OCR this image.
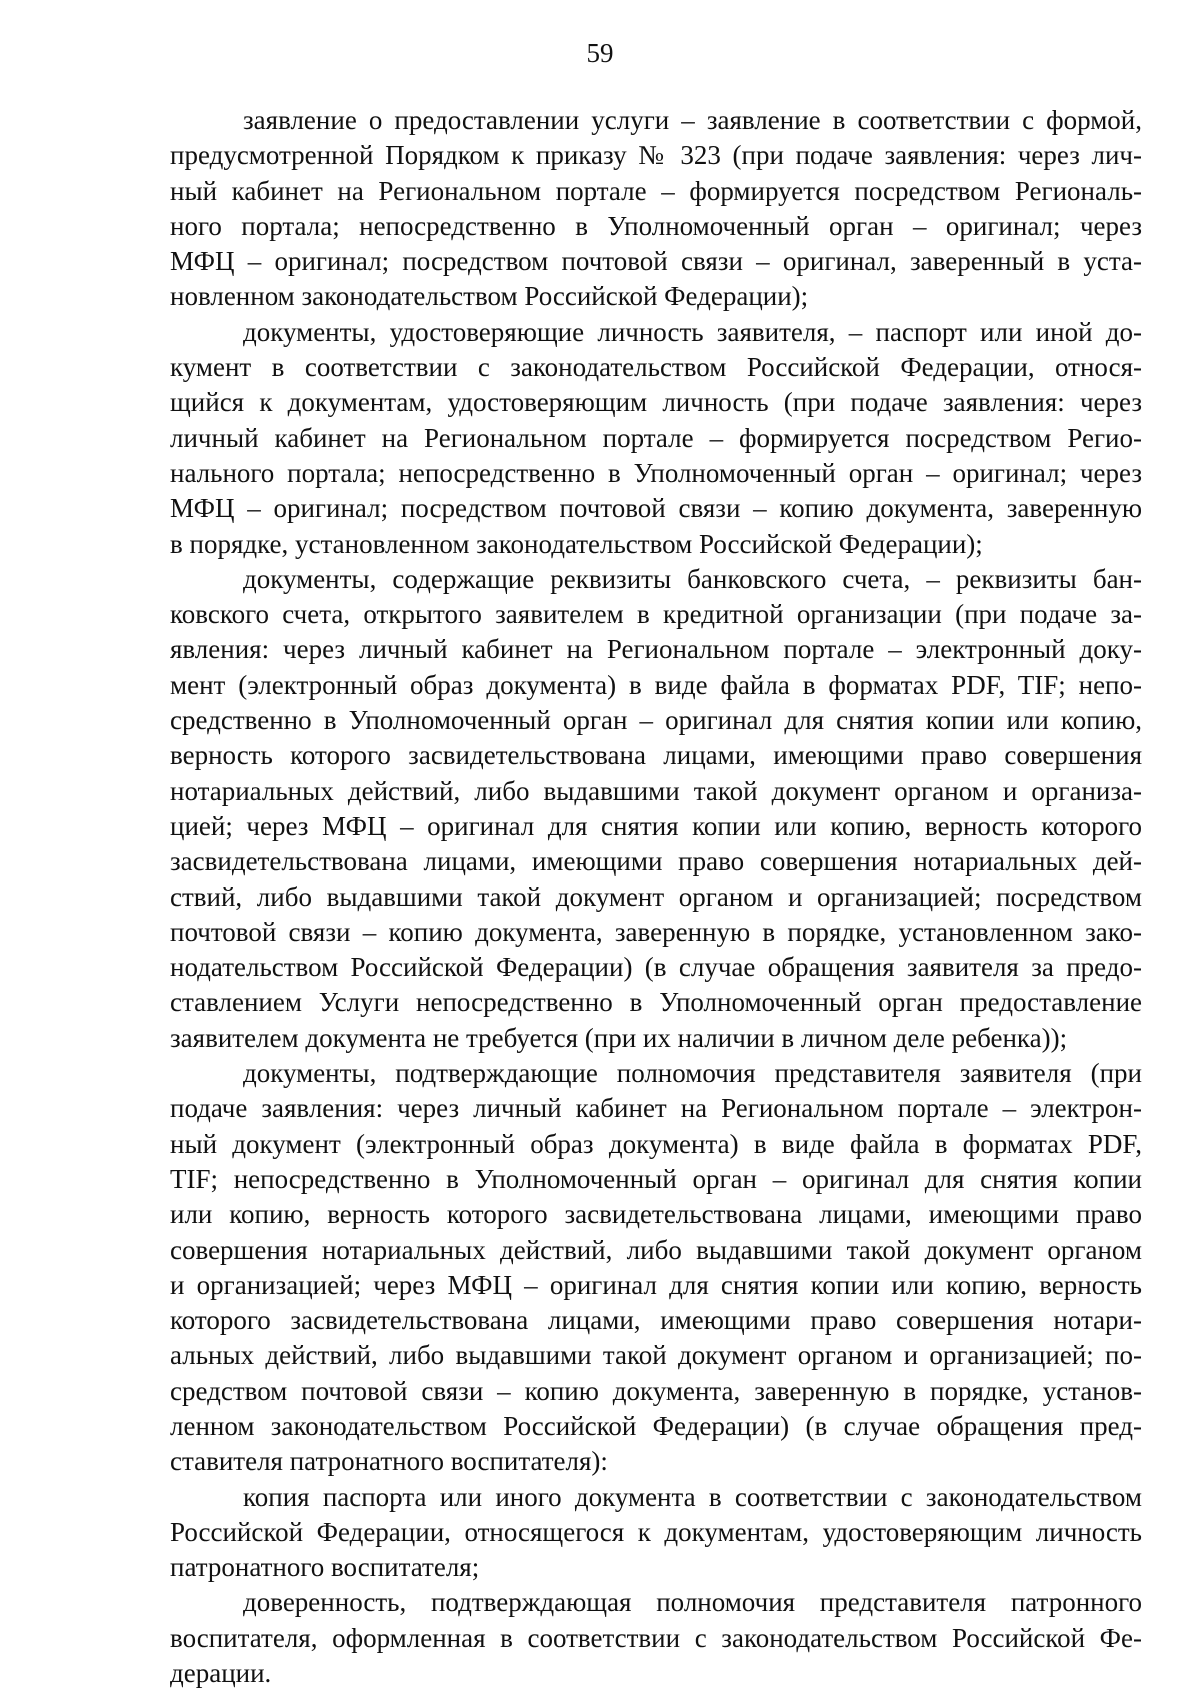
59

заявление о предоставлении услуги – заявление в соответствии с формой,
предусмотренной Порядком к приказу № 323 (при подаче заявления: через лич-
ный кабинет на Региональном портале – формируется посредством Региональ-
ного портала; непосредственно в Уполномоченный орган – оригинал; через
МФЦ – оригинал; посредством почтовой связи – оригинал, заверенный в уста-
новленном законодательством Российской Федерации);

документы, удостоверяющие личность заявителя, – паспорт или иной до-
кумент в соответствии с законодательством Российской Федерации, относя-
щийся к документам, удостоверяющим личность (при подаче заявления: через
личный кабинет на Региональном портале – формируется посредством Регио-
нального портала; непосредственно в Уполномоченный орган – оригинал; через
МФЦ – оригинал; посредством почтовой связи – копию документа, заверенную
в порядке, установленном законодательством Российской Федерации);

документы, содержащие реквизиты банковского счета, – реквизиты бан-
ковского счета, открытого заявителем в кредитной организации (при подаче за-
явления: через личный кабинет на Региональном портале – электронный доку-
мент (электронный образ документа) в виде файла в форматах PDF, TIF; непо-
средственно в Уполномоченный орган – оригинал для снятия копии или копию,
верность которого засвидетельствована лицами, имеющими право совершения
нотариальных действий, либо выдавшими такой документ органом и организа-
цией; через МФЦ – оригинал для снятия копии или копию, верность которого
засвидетельствована лицами, имеющими право совершения нотариальных дей-
ствий, либо выдавшими такой документ органом и организацией; посредством
почтовой связи – копию документа, заверенную в порядке, установленном зако-
нодательством Российской Федерации) (в случае обращения заявителя за предо-
ставлением Услуги непосредственно в Уполномоченный орган предоставление
заявителем документа не требуется (при их наличии в личном деле ребенка));

документы, подтверждающие полномочия представителя заявителя (при
подаче заявления: через личный кабинет на Региональном портале – электрон-
ный документ (электронный образ документа) в виде файла в форматах PDF,
TIF; непосредственно в Уполномоченный орган – оригинал для снятия копии
или копию, верность которого засвидетельствована лицами, имеющими право
совершения нотариальных действий, либо выдавшими такой документ органом
и организацией; через МФЦ – оригинал для снятия копии или копию, верность
которого засвидетельствована лицами, имеющими право совершения нотари-
альных действий, либо выдавшими такой документ органом и организацией; по-
средством почтовой связи – копию документа, заверенную в порядке, установ-
ленном законодательством Российской Федерации) (в случае обращения пред-
ставителя патронатного воспитателя):

копия паспорта или иного документа в соответствии с законодательством
Российской Федерации, относящегося к документам, удостоверяющим личность
патронатного воспитателя;

доверенность, подтверждающая полномочия представителя патронного
воспитателя, оформленная в соответствии с законодательством Российской Фе-
дерации.
